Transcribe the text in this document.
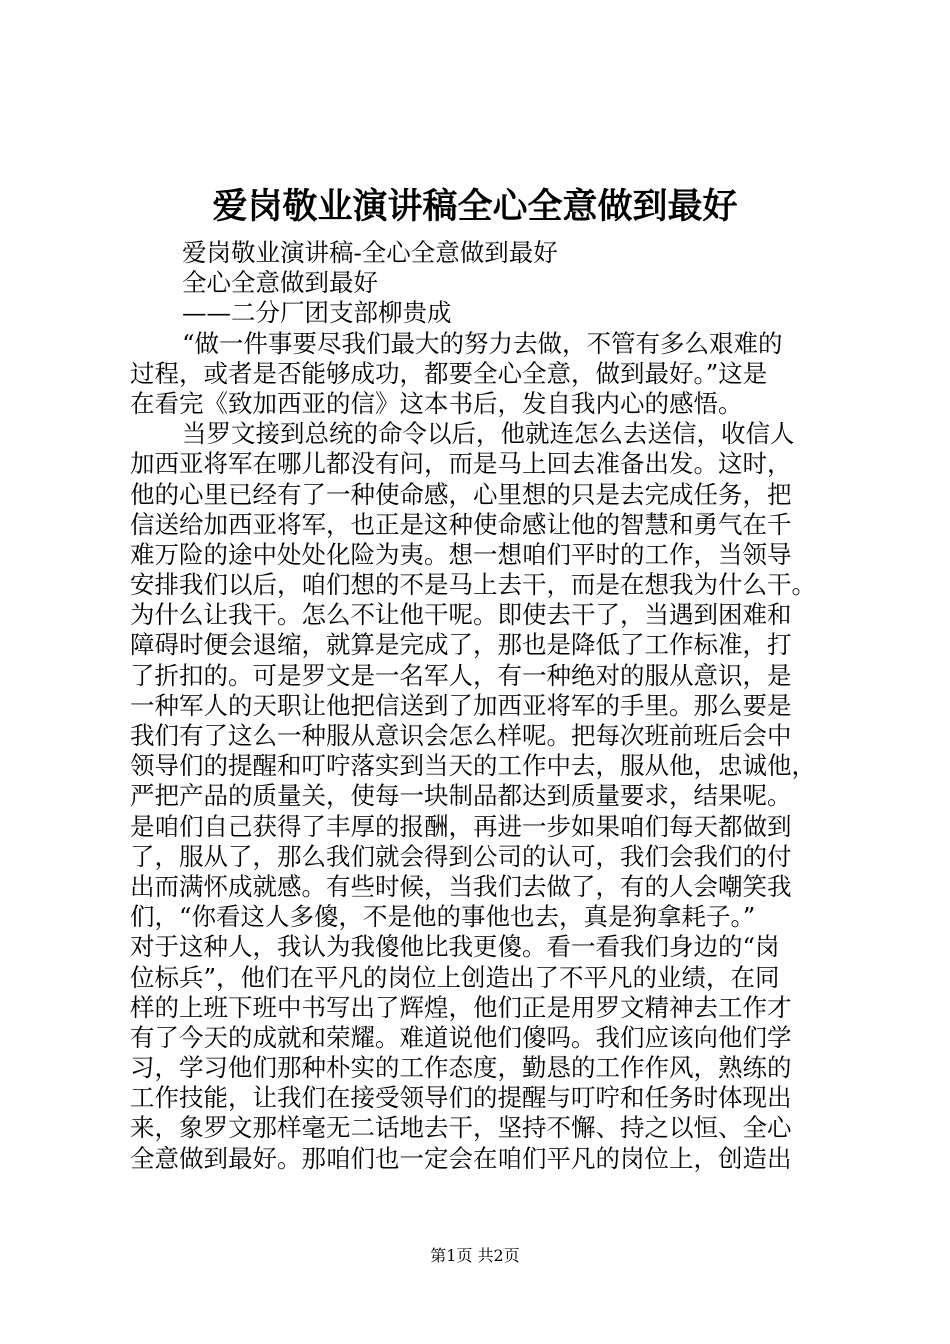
爱岗敬业演讲稿全心全意做到最好
爱岗敬业演讲稿-全心全意做到最好
全心全意做到最好
——二分厂团支部柳贵成
“做一件事要尽我们最大的努力去做，不管有多么艰难的
过程，或者是否能够成功，都要全心全意，做到最好。”这是
在看完《致加西亚的信》这本书后，发自我内心的感悟。
当罗文接到总统的命令以后，他就连怎么去送信，收信人
加西亚将军在哪儿都没有问，而是马上回去准备出发。这时，
他的心里已经有了一种使命感，心里想的只是去完成任务，把
信送给加西亚将军，也正是这种使命感让他的智慧和勇气在千
难万险的途中处处化险为夷。想一想咱们平时的工作，当领导
安排我们以后，咱们想的不是马上去干，而是在想我为什么干。
为什么让我干。怎么不让他干呢。即使去干了，当遇到困难和
障碍时便会退缩，就算是完成了，那也是降低了工作标准，打
了折扣的。可是罗文是一名军人，有一种绝对的服从意识，是
一种军人的天职让他把信送到了加西亚将军的手里。那么要是
我们有了这么一种服从意识会怎么样呢。把每次班前班后会中
领导们的提醒和叮咛落实到当天的工作中去，服从他，忠诚他，
严把产品的质量关，使每一块制品都达到质量要求，结果呢。
是咱们自己获得了丰厚的报酬，再进一步如果咱们每天都做到
了，服从了，那么我们就会得到公司的认可，我们会我们的付
出而满怀成就感。有些时候，当我们去做了，有的人会嘲笑我
们，“你看这人多傻，不是他的事他也去，真是狗拿耗子。”
对于这种人，我认为我傻他比我更傻。看一看我们身边的“岗
位标兵”，他们在平凡的岗位上创造出了不平凡的业绩，在同
样的上班下班中书写出了辉煌，他们正是用罗文精神去工作才
有了今天的成就和荣耀。难道说他们傻吗。我们应该向他们学
习，学习他们那种朴实的工作态度，勤恳的工作作风，熟练的
工作技能，让我们在接受领导们的提醒与叮咛和任务时体现出
来，象罗文那样毫无二话地去干，坚持不懈、持之以恒、全心
全意做到最好。那咱们也一定会在咱们平凡的岗位上，创造出
第1页 共2页
